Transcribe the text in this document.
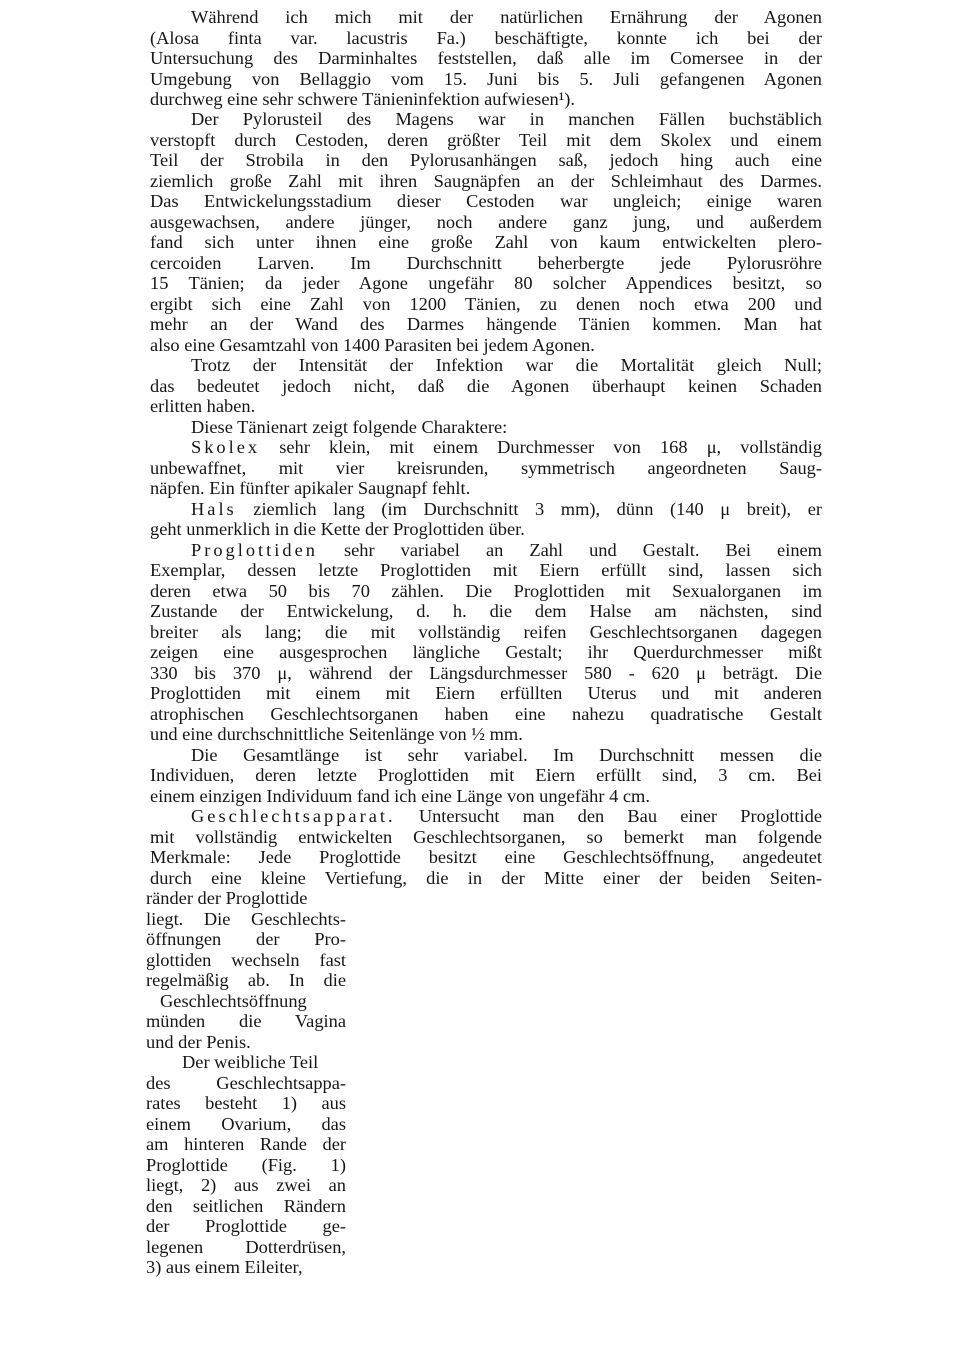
Während ich mich mit der natürlichen Ernährung der Agonen
(Alosa finta var. lacustris Fa.) beschäftigte, konnte ich bei der
Untersuchung des Darminhaltes feststellen, daß alle im Comersee in der
Umgebung von Bellaggio vom 15. Juni bis 5. Juli gefangenen Agonen
durchweg eine sehr schwere Tänieninfektion aufwiesen¹).
Der Pylorusteil des Magens war in manchen Fällen buchstäblich
verstopft durch Cestoden, deren größter Teil mit dem Skolex und einem
Teil der Strobila in den Pylorusanhängen saß, jedoch hing auch eine
ziemlich große Zahl mit ihren Saugnäpfen an der Schleimhaut des Darmes.
Das Entwickelungsstadium dieser Cestoden war ungleich; einige waren
ausgewachsen, andere jünger, noch andere ganz jung, und außerdem
fand sich unter ihnen eine große Zahl von kaum entwickelten plero-
cercoiden Larven. Im Durchschnitt beherbergte jede Pylorusröhre
15 Tänien; da jeder Agone ungefähr 80 solcher Appendices besitzt, so
ergibt sich eine Zahl von 1200 Tänien, zu denen noch etwa 200 und
mehr an der Wand des Darmes hängende Tänien kommen. Man hat
also eine Gesamtzahl von 1400 Parasiten bei jedem Agonen.
Trotz der Intensität der Infektion war die Mortalität gleich Null;
das bedeutet jedoch nicht, daß die Agonen überhaupt keinen Schaden
erlitten haben.
Diese Tänienart zeigt folgende Charaktere:
Skolex sehr klein, mit einem Durchmesser von 168 μ, vollständig
unbewaffnet, mit vier kreisrunden, symmetrisch angeordneten Saug-
näpfen. Ein fünfter apikaler Saugnapf fehlt.
Hals ziemlich lang (im Durchschnitt 3 mm), dünn (140 μ breit), er
geht unmerklich in die Kette der Proglottiden über.
Proglottiden sehr variabel an Zahl und Gestalt. Bei einem
Exemplar, dessen letzte Proglottiden mit Eiern erfüllt sind, lassen sich
deren etwa 50 bis 70 zählen. Die Proglottiden mit Sexualorganen im
Zustande der Entwickelung, d. h. die dem Halse am nächsten, sind
breiter als lang; die mit vollständig reifen Geschlechtsorganen dagegen
zeigen eine ausgesprochen längliche Gestalt; ihr Querdurchmesser mißt
330 bis 370 μ, während der Längsdurchmesser 580 - 620 μ beträgt. Die
Proglottiden mit einem mit Eiern erfüllten Uterus und mit anderen
atrophischen Geschlechtsorganen haben eine nahezu quadratische Gestalt
und eine durchschnittliche Seitenlänge von ½ mm.
Die Gesamtlänge ist sehr variabel. Im Durchschnitt messen die
Individuen, deren letzte Proglottiden mit Eiern erfüllt sind, 3 cm. Bei
einem einzigen Individuum fand ich eine Länge von ungefähr 4 cm.
Geschlechtsapparat. Untersucht man den Bau einer Proglottide
mit vollständig entwickelten Geschlechtsorganen, so bemerkt man folgende
Merkmale: Jede Proglottide besitzt eine Geschlechtsöffnung, angedeutet
durch eine kleine Vertiefung, die in der Mitte einer der beiden Seiten-
ränder der Proglottide
liegt. Die Geschlechts-
öffnungen der Pro-
glottiden wechseln fast
regelmäßig ab. In die
Geschlechtsöffnung
münden die Vagina
und der Penis.
Der weibliche Teil
des Geschlechtsappa-
rates besteht 1) aus
einem Ovarium, das
am hinteren Rande der
Proglottide (Fig. 1)
liegt, 2) aus zwei an
den seitlichen Rändern
der Proglottide ge-
legenen Dotterdrüsen,
3) aus einem Eileiter,
